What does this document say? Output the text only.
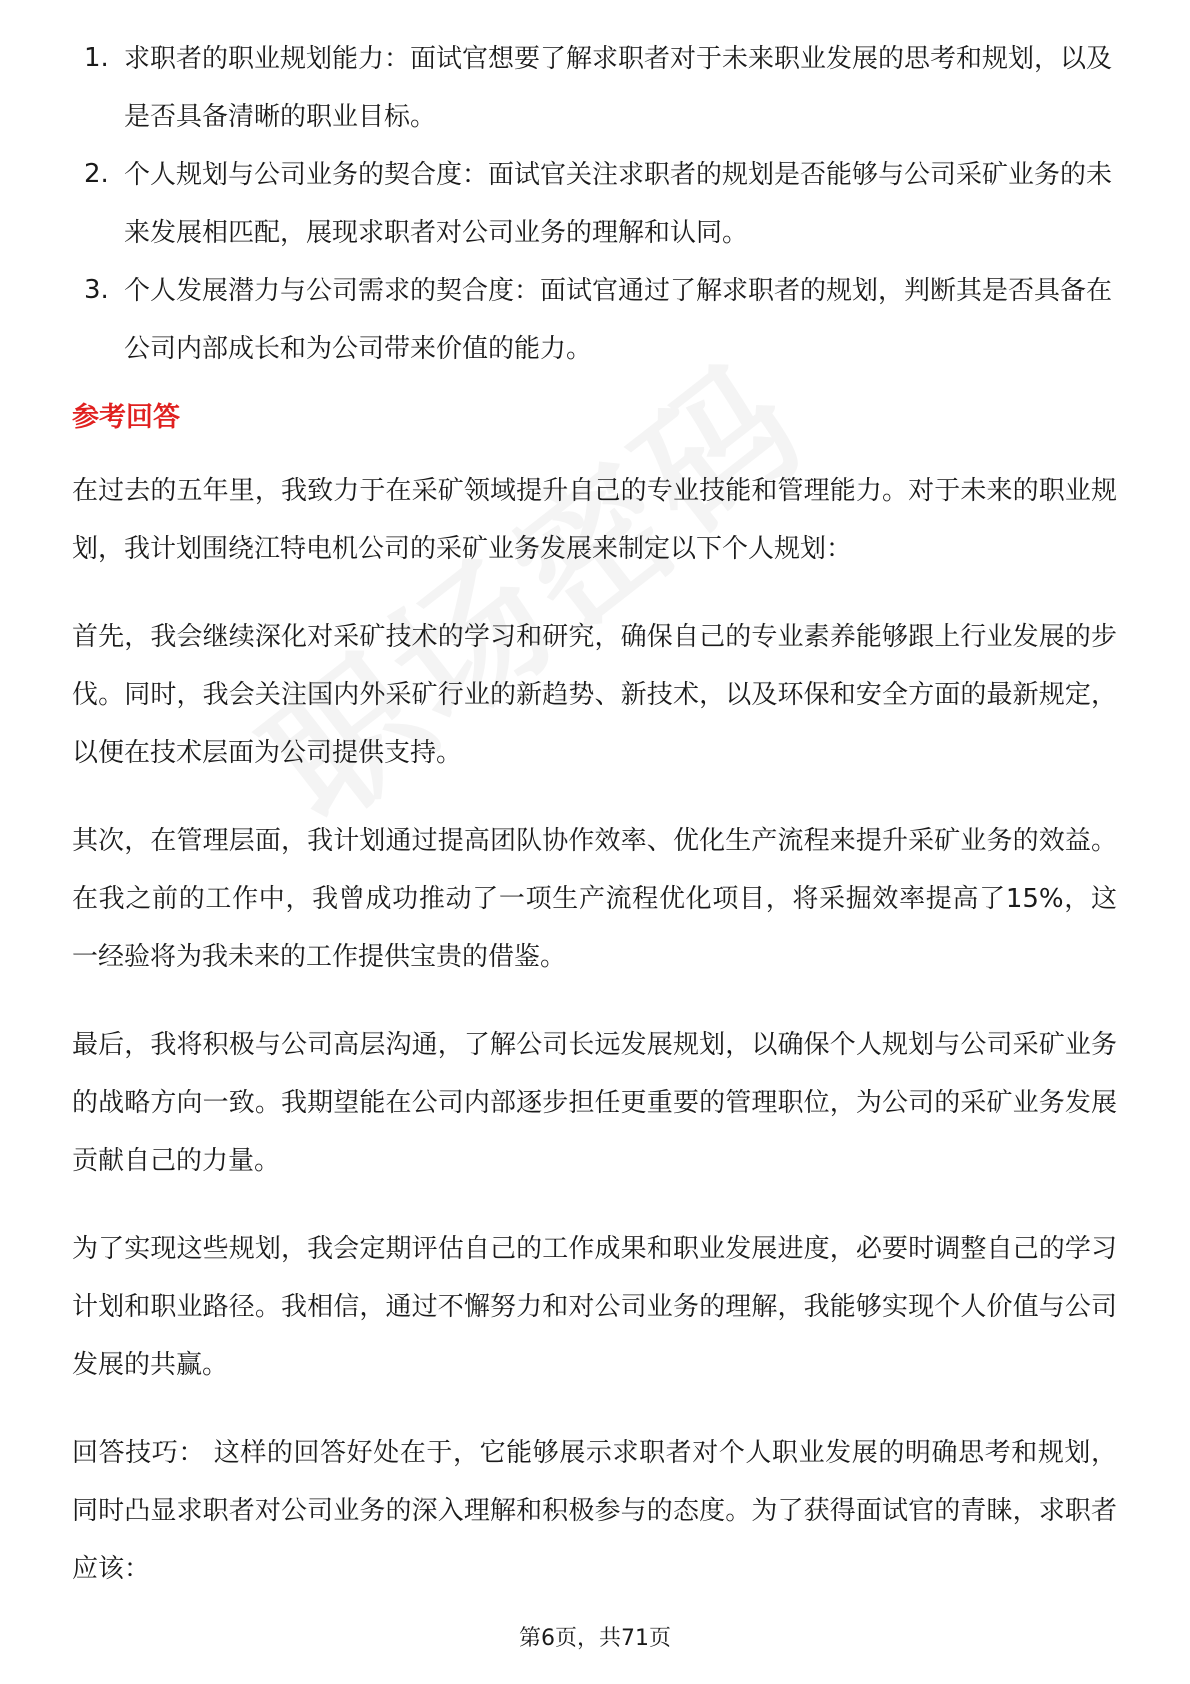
1. 求职者的职业规划能力：面试官想要了解求职者对于未来职业发展的思考和规划，以及是否具备清晰的职业目标。
2. 个人规划与公司业务的契合度：面试官关注求职者的规划是否能够与公司采矿业务的未来发展相匹配，展现求职者对公司业务的理解和认同。
3. 个人发展潜力与公司需求的契合度：面试官通过了解求职者的规划，判断其是否具备在公司内部成长和为公司带来价值的能力。
参考回答

在过去的五年里，我致力于在采矿领域提升自己的专业技能和管理能力。对于未来的职业规划，我计划围绕江特电机公司的采矿业务发展来制定以下个人规划：

首先，我会继续深化对采矿技术的学习和研究，确保自己的专业素养能够跟上行业发展的步伐。同时，我会关注国内外采矿行业的新趋势、新技术，以及环保和安全方面的最新规定，以便在技术层面为公司提供支持。

其次，在管理层面，我计划通过提高团队协作效率、优化生产流程来提升采矿业务的效益。在我之前的工作中，我曾成功推动了一项生产流程优化项目，将采掘效率提高了15%，这一经验将为我未来的工作提供宝贵的借鉴。

最后，我将积极与公司高层沟通，了解公司长远发展规划，以确保个人规划与公司采矿业务的战略方向一致。我期望能在公司内部逐步担任更重要的管理职位，为公司的采矿业务发展贡献自己的力量。

为了实现这些规划，我会定期评估自己的工作成果和职业发展进度，必要时调整自己的学习计划和职业路径。我相信，通过不懈努力和对公司业务的理解，我能够实现个人价值与公司发展的共赢。

回答技巧： 这样的回答好处在于，它能够展示求职者对个人职业发展的明确思考和规划，同时凸显求职者对公司业务的深入理解和积极参与的态度。为了获得面试官的青睐，求职者应该：

第6页，共71页
